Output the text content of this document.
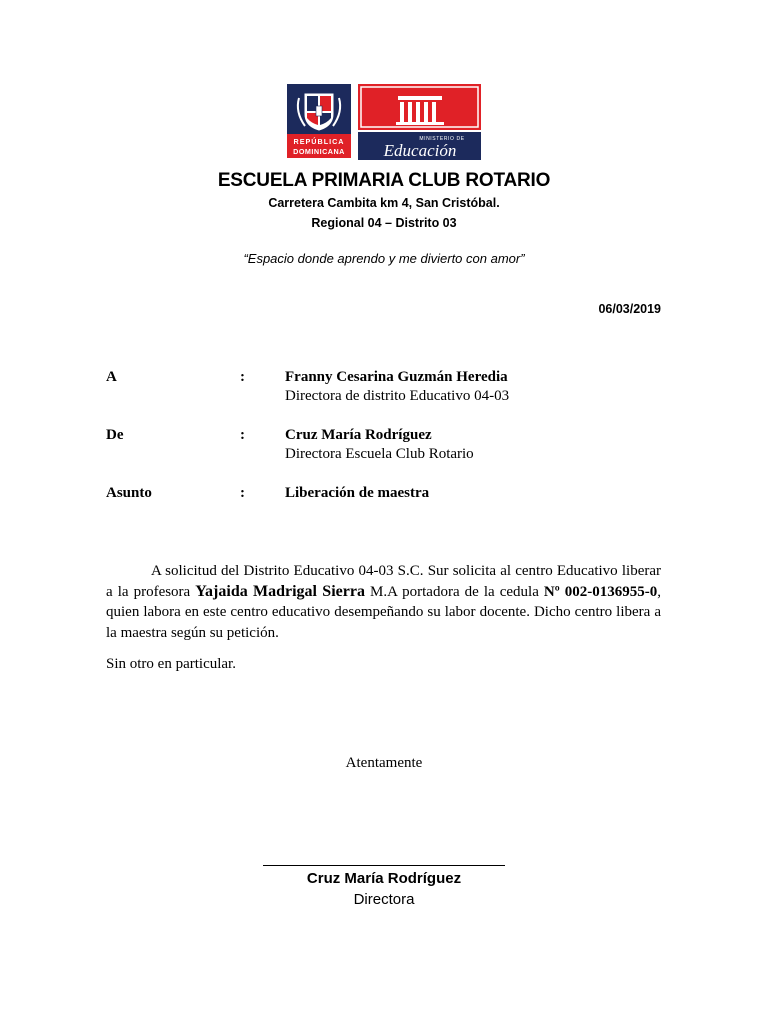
REPÚBLICA
DOMINICANA
MINISTERIO DE
Educación
ESCUELA PRIMARIA CLUB ROTARIO
Carretera Cambita km 4, San Cristóbal.
Regional 04 – Distrito 03
“Espacio donde aprendo y me divierto con amor”
06/03/2019
A	:	Franny Cesarina Guzmán Heredia
Directora de distrito Educativo 04-03
De	:	Cruz María Rodríguez
Directora Escuela Club Rotario
Asunto	:	Liberación de maestra

A solicitud del Distrito Educativo 04-03 S.C. Sur solicita al centro Educativo liberar a la profesora Yajaida Madrigal Sierra M.A portadora de la cedula Nº 002-0136955-0, quien labora en este centro educativo desempeñando su labor docente. Dicho centro libera a la maestra según su petición.

Sin otro en particular.
Atentamente
Cruz María Rodríguez
Directora
